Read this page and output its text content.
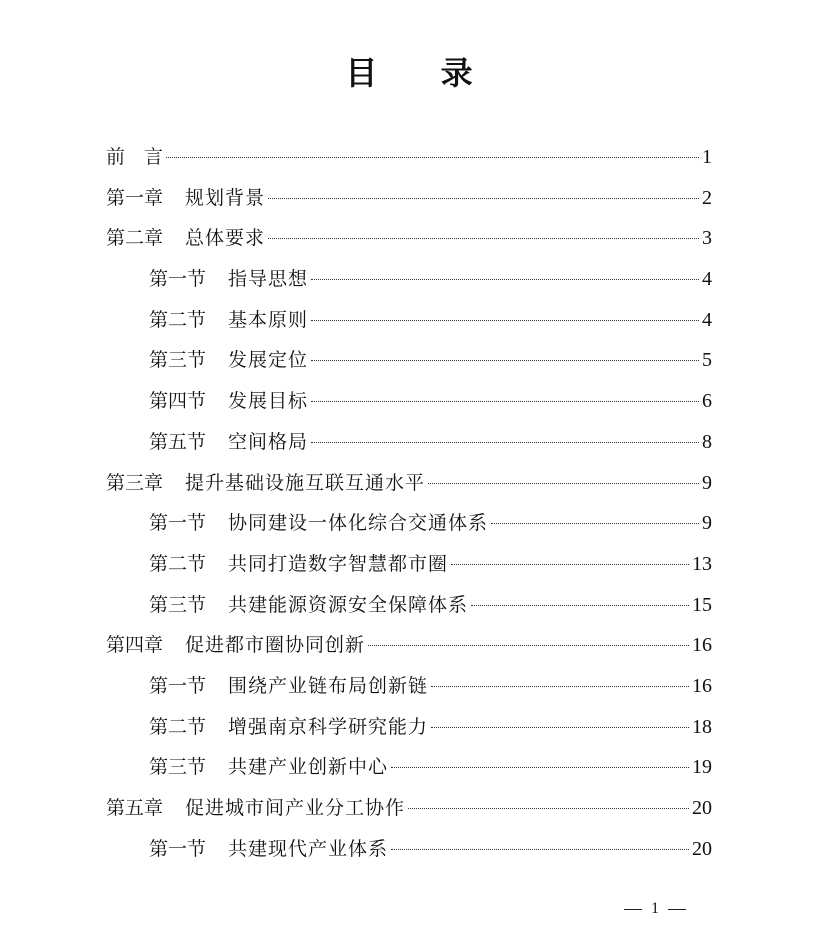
目 录
前　言	1
第一章 规划背景	2
第二章 总体要求	3
第一节 指导思想	4
第二节 基本原则	4
第三节 发展定位	5
第四节 发展目标	6
第五节 空间格局	8
第三章 提升基础设施互联互通水平	9
第一节 协同建设一体化综合交通体系	9
第二节 共同打造数字智慧都市圈	13
第三节 共建能源资源安全保障体系	15
第四章 促进都市圈协同创新	16
第一节 围绕产业链布局创新链	16
第二节 增强南京科学研究能力	18
第三节 共建产业创新中心	19
第五章 促进城市间产业分工协作	20
第一节 共建现代产业体系	20
1
